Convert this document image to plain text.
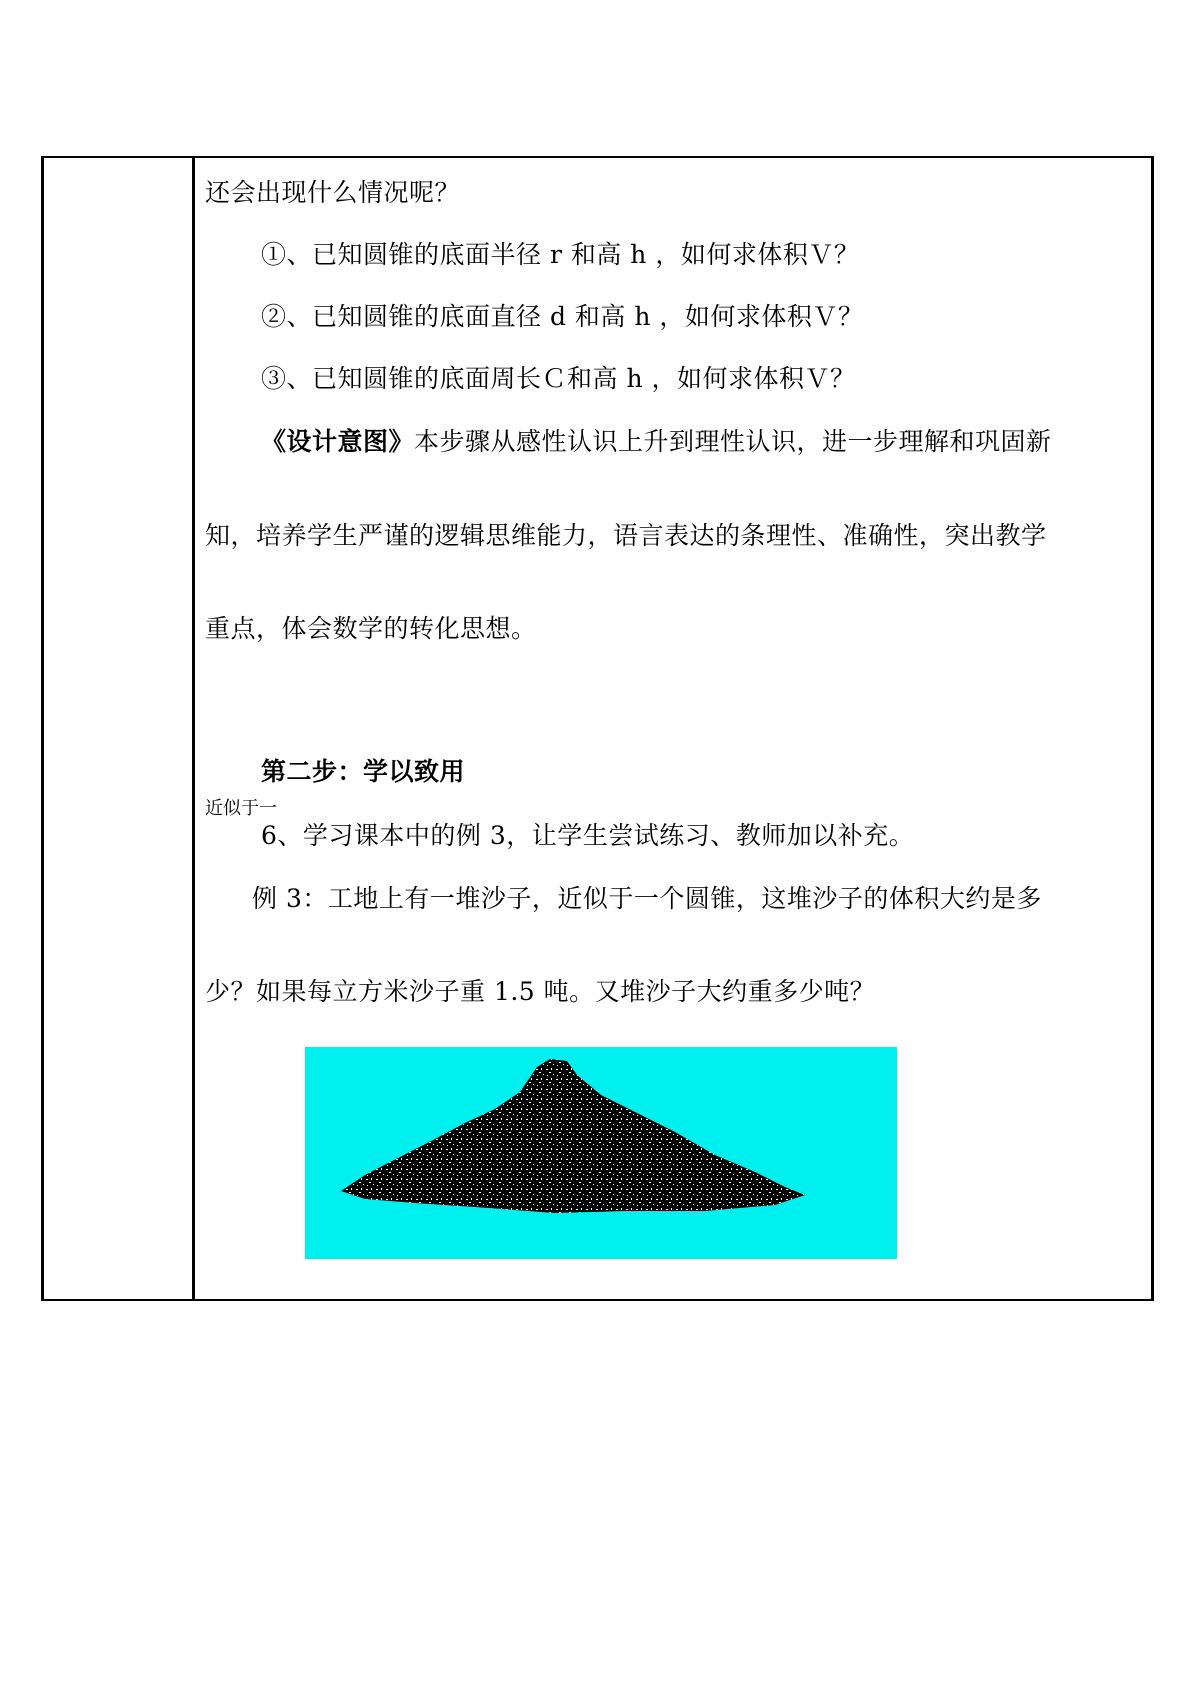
还会出现什么情况呢？
①、已知圆锥的底面半径 r 和高 h ，如何求体积Ｖ？
②、已知圆锥的底面直径 d 和高 h ，如何求体积Ｖ？
③、已知圆锥的底面周长Ｃ和高 h ，如何求体积Ｖ？
《设计意图》本步骤从感性认识上升到理性认识，进一步理解和巩固新
知，培养学生严谨的逻辑思维能力，语言表达的条理性、准确性，突出教学
重点，体会数学的转化思想。
第二步：学以致用
近似于一
6、学习课本中的例 3，让学生尝试练习、教师加以补充。
例 3：工地上有一堆沙子，近似于一个圆锥，这堆沙子的体积大约是多
少？如果每立方米沙子重 1.5 吨。又堆沙子大约重多少吨？
